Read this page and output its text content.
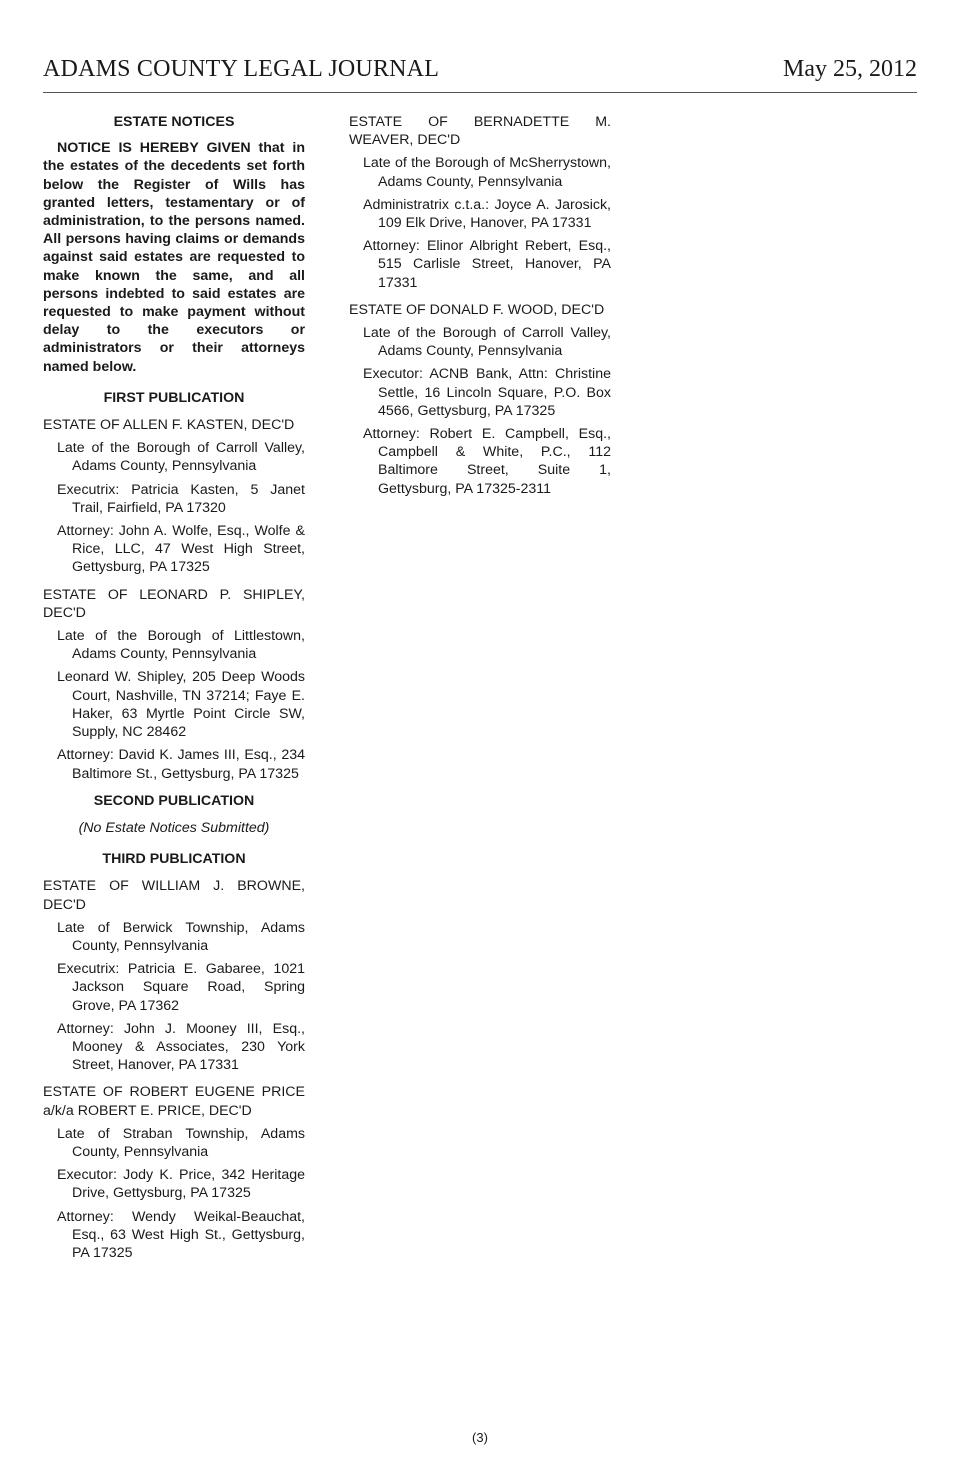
ADAMS COUNTY LEGAL JOURNAL	May 25, 2012
ESTATE NOTICES
NOTICE IS HEREBY GIVEN that in the estates of the decedents set forth below the Register of Wills has granted letters, testamentary or of administration, to the persons named. All persons having claims or demands against said estates are requested to make known the same, and all persons indebted to said estates are requested to make payment without delay to the executors or administrators or their attorneys named below.
FIRST PUBLICATION
ESTATE OF ALLEN F. KASTEN, DEC'D
Late of the Borough of Carroll Valley, Adams County, Pennsylvania
Executrix: Patricia Kasten, 5 Janet Trail, Fairfield, PA 17320
Attorney: John A. Wolfe, Esq., Wolfe & Rice, LLC, 47 West High Street, Gettysburg, PA 17325
ESTATE OF LEONARD P. SHIPLEY, DEC'D
Late of the Borough of Littlestown, Adams County, Pennsylvania
Leonard W. Shipley, 205 Deep Woods Court, Nashville, TN 37214; Faye E. Haker, 63 Myrtle Point Circle SW, Supply, NC 28462
Attorney: David K. James III, Esq., 234 Baltimore St., Gettysburg, PA 17325
SECOND PUBLICATION
(No Estate Notices Submitted)
THIRD PUBLICATION
ESTATE OF WILLIAM J. BROWNE, DEC'D
Late of Berwick Township, Adams County, Pennsylvania
Executrix: Patricia E. Gabaree, 1021 Jackson Square Road, Spring Grove, PA 17362
Attorney: John J. Mooney III, Esq., Mooney & Associates, 230 York Street, Hanover, PA 17331
ESTATE OF ROBERT EUGENE PRICE a/k/a ROBERT E. PRICE, DEC'D
Late of Straban Township, Adams County, Pennsylvania
Executor: Jody K. Price, 342 Heritage Drive, Gettysburg, PA 17325
Attorney: Wendy Weikal-Beauchat, Esq., 63 West High St., Gettysburg, PA 17325
ESTATE OF BERNADETTE M. WEAVER, DEC'D
Late of the Borough of McSherrystown, Adams County, Pennsylvania
Administratrix c.t.a.: Joyce A. Jarosick, 109 Elk Drive, Hanover, PA 17331
Attorney: Elinor Albright Rebert, Esq., 515 Carlisle Street, Hanover, PA 17331
ESTATE OF DONALD F. WOOD, DEC'D
Late of the Borough of Carroll Valley, Adams County, Pennsylvania
Executor: ACNB Bank, Attn: Christine Settle, 16 Lincoln Square, P.O. Box 4566, Gettysburg, PA 17325
Attorney: Robert E. Campbell, Esq., Campbell & White, P.C., 112 Baltimore Street, Suite 1, Gettysburg, PA 17325-2311
(3)
